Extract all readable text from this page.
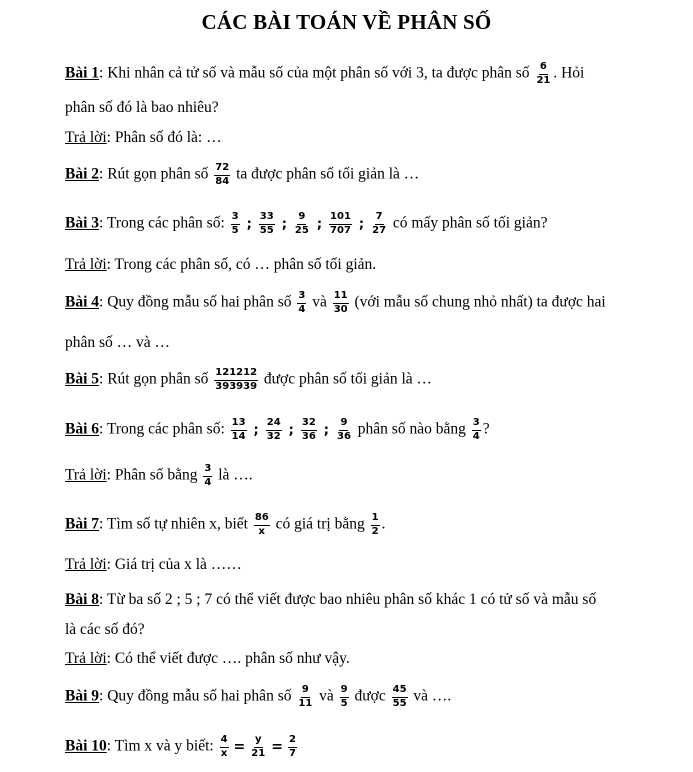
CÁC BÀI TOÁN VỀ PHÂN SỐ
Bài 1: Khi nhân cả tử số và mẫu số của một phân số với 3, ta được phân số $\frac{6}{21}$ . Hỏi
phân số đó là bao nhiêu?
Trả lời: Phân số đó là: …
Bài 2: Rút gọn phân số $\frac{72}{84}$ ta được phân số tối giản là …
Bài 3: Trong các phân số: $\frac{3}{5}$ ; $\frac{33}{55}$ ; $\frac{9}{25}$ ; $\frac{101}{707}$ ; $\frac{7}{27}$ có mấy phân số tối giản?
Trả lời: Trong các phân số, có … phân số tối giản.
Bài 4: Quy đồng mẫu số hai phân số $\frac{3}{4}$ và $\frac{11}{30}$ (với mẫu số chung nhỏ nhất) ta được hai
phân số … và …
Bài 5: Rút gọn phân số $\frac{121212}{393939}$ được phân số tối giản là …
Bài 6: Trong các phân số: $\frac{13}{14}$ ; $\frac{24}{32}$ ; $\frac{32}{36}$ ; $\frac{9}{36}$ phân số nào bằng $\frac{3}{4}$ ?
Trả lời: Phân số bằng $\frac{3}{4}$ là ….
Bài 7: Tìm số tự nhiên x, biết $\frac{86}{x}$ có giá trị bằng $\frac{1}{2}$ .
Trả lời: Giá trị của x là ……
Bài 8: Từ ba số 2 ; 5 ; 7 có thể viết được bao nhiêu phân số khác 1 có tử số và mẫu số
là các số đó?
Trả lời: Có thể viết được …. phân số như vậy.
Bài 9: Quy đồng mẫu số hai phân số $\frac{9}{11}$ và $\frac{9}{5}$ được $\frac{45}{55}$ và ….
Bài 10: Tìm x và y biết: $\frac{4}{x} = \frac{y}{21} = \frac{2}{7}$
